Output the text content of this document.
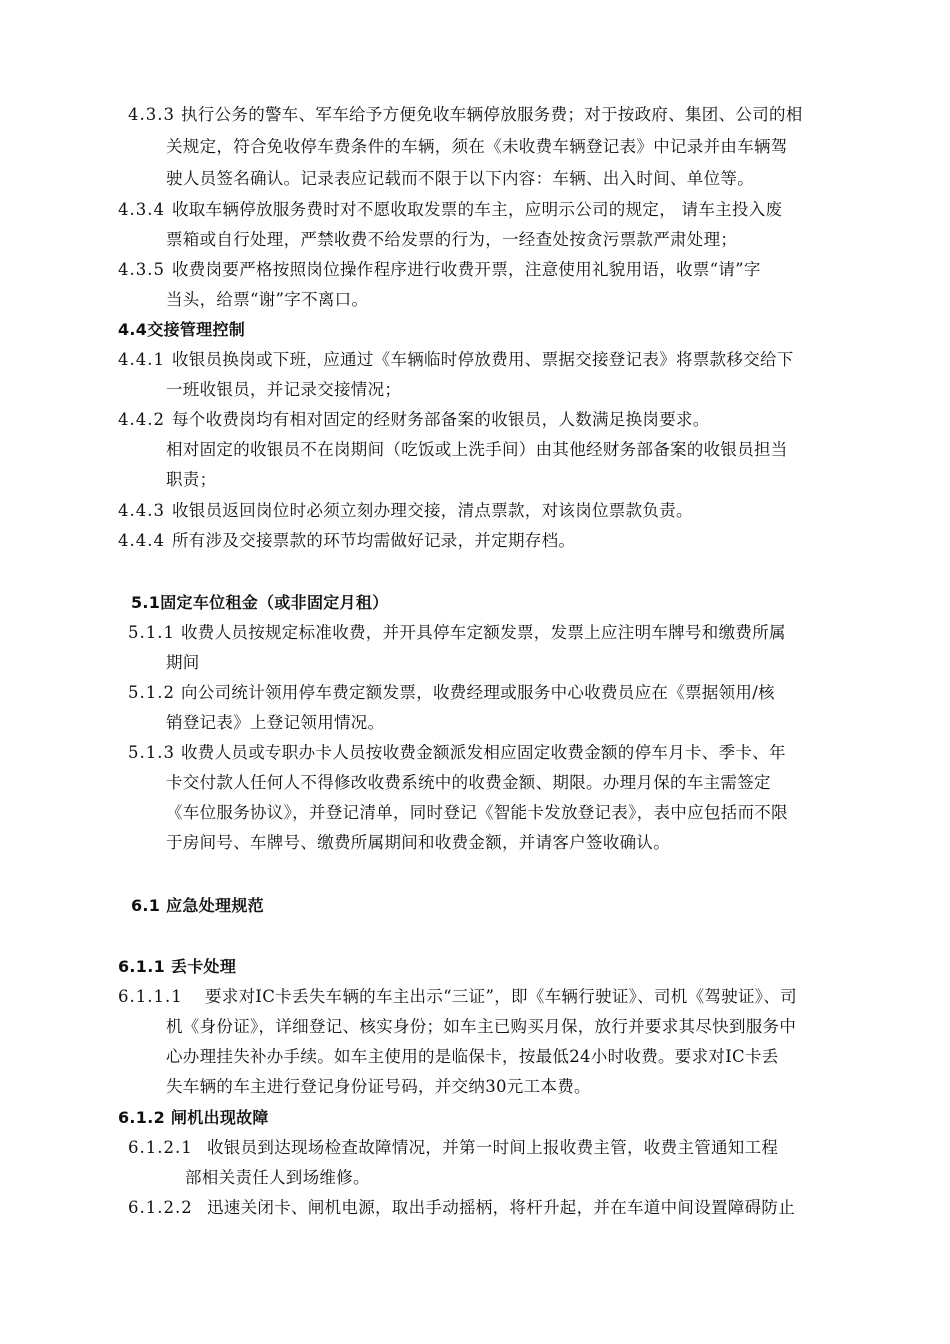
4.3.3 执行公务的警车、军车给予方便免收车辆停放服务费；对于按政府、集团、公司的相
关规定，符合免收停车费条件的车辆，须在《未收费车辆登记表》中记录并由车辆驾
驶人员签名确认。记录表应记载而不限于以下内容：车辆、出入时间、单位等。
4.3.4 收取车辆停放服务费时对不愿收取发票的车主，应明示公司的规定， 请车主投入废
票箱或自行处理，严禁收费不给发票的行为，一经查处按贪污票款严肃处理；
4.3.5 收费岗要严格按照岗位操作程序进行收费开票，注意使用礼貌用语，收票“请”字
当头，给票“谢”字不离口。
4.4交接管理控制
4.4.1 收银员换岗或下班，应通过《车辆临时停放费用、票据交接登记表》将票款移交给下
一班收银员，并记录交接情况；
4.4.2 每个收费岗均有相对固定的经财务部备案的收银员，人数满足换岗要求。
相对固定的收银员不在岗期间（吃饭或上洗手间）由其他经财务部备案的收银员担当
职责；
4.4.3 收银员返回岗位时必须立刻办理交接，清点票款，对该岗位票款负责。
4.4.4 所有涉及交接票款的环节均需做好记录，并定期存档。
5.1固定车位租金（或非固定月租）
5.1.1 收费人员按规定标准收费，并开具停车定额发票，发票上应注明车牌号和缴费所属
期间
5.1.2 向公司统计领用停车费定额发票，收费经理或服务中心收费员应在《票据领用/核
销登记表》上登记领用情况。
5.1.3 收费人员或专职办卡人员按收费金额派发相应固定收费金额的停车月卡、季卡、年
卡交付款人任何人不得修改收费系统中的收费金额、期限。办理月保的车主需签定
《车位服务协议》，并登记清单，同时登记《智能卡发放登记表》，表中应包括而不限
于房间号、车牌号、缴费所属期间和收费金额，并请客户签收确认。
6.1 应急处理规范
6.1.1 丢卡处理
6.1.1.1 要求对IC卡丢失车辆的车主出示“三证”，即《车辆行驶证》、司机《驾驶证》、司
机《身份证》，详细登记、核实身份；如车主已购买月保，放行并要求其尽快到服务中
心办理挂失补办手续。如车主使用的是临保卡，按最低24小时收费。要求对IC卡丢
失车辆的车主进行登记身份证号码，并交纳30元工本费。
6.1.2 闸机出现故障
6.1.2.1 收银员到达现场检查故障情况，并第一时间上报收费主管，收费主管通知工程
部相关责任人到场维修。
6.1.2.2 迅速关闭卡、闸机电源，取出手动摇柄，将杆升起，并在车道中间设置障碍防止
